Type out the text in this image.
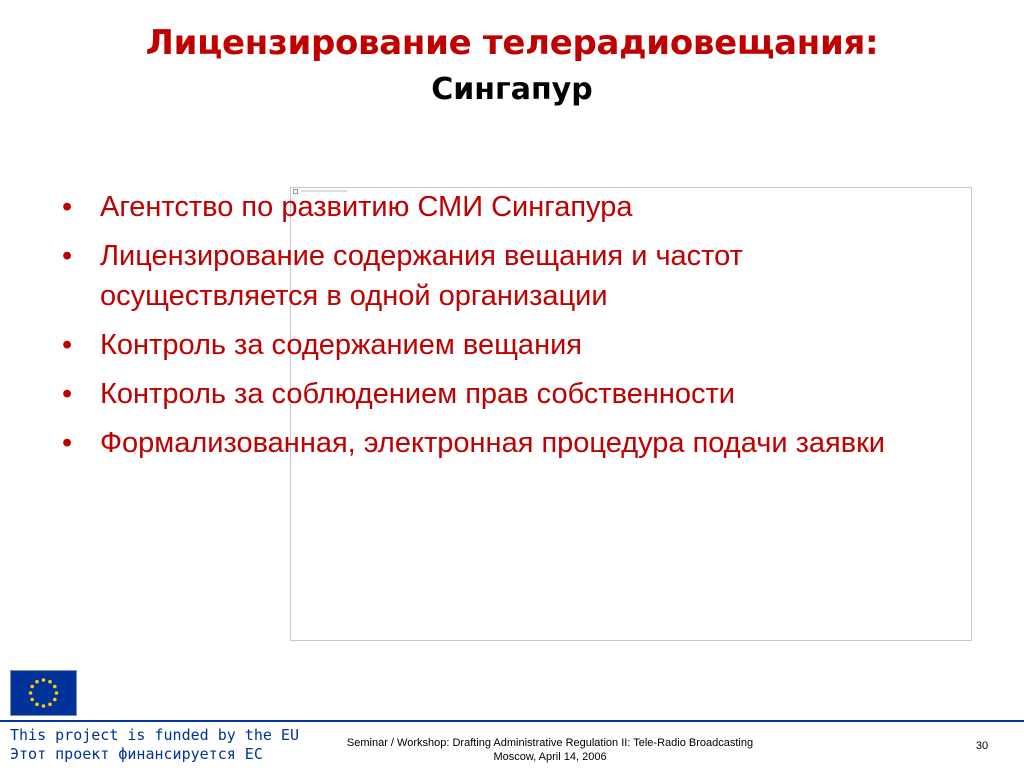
Лицензирование телерадиовещания:
Сингапур
• Агентство по развитию СМИ Сингапура
• Лицензирование содержания вещания и частот осуществляется в одной организации
• Контроль за содержанием вещания
• Контроль за соблюдением прав собственности
• Формализованная, электронная процедура подачи заявки
This project is funded by the EU
Этот проект финансируется ЕС
Seminar / Workshop: Drafting Administrative Regulation II: Tele-Radio Broadcasting
Moscow, April 14, 2006
30
